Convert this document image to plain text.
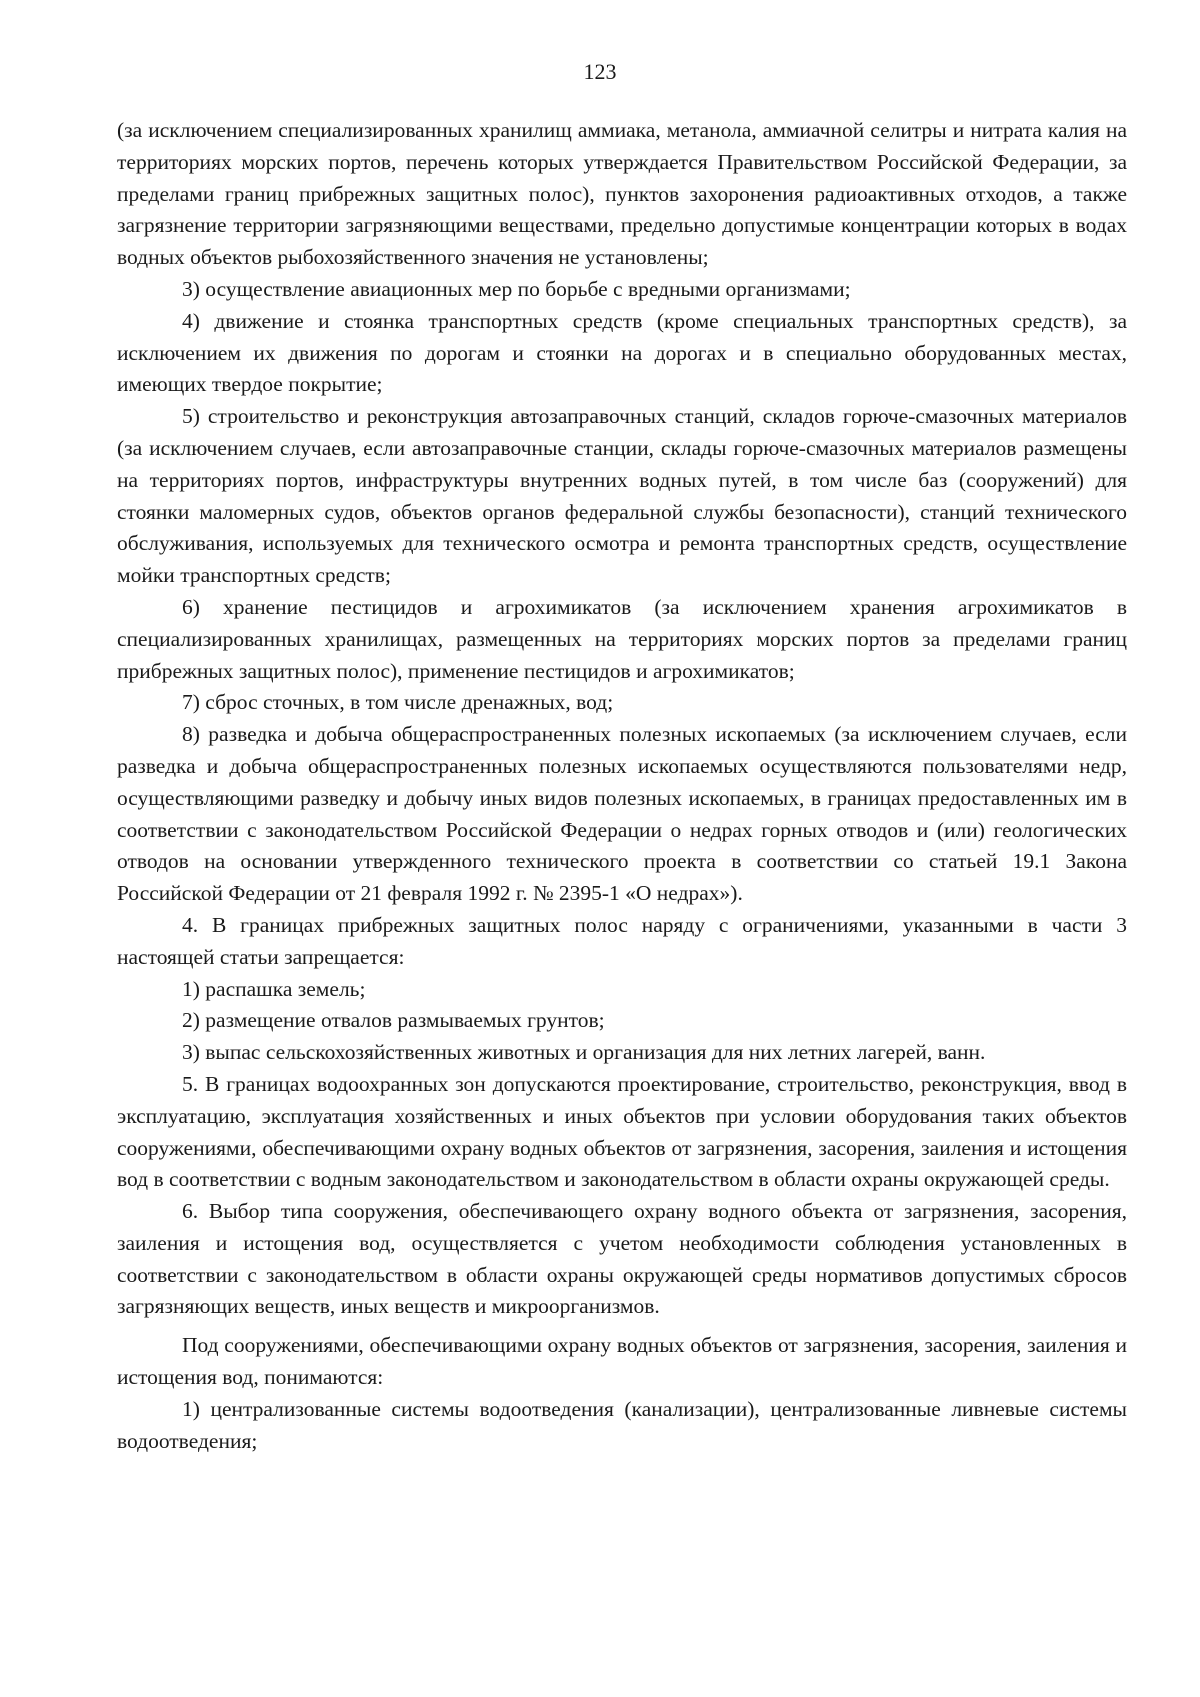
123

(за исключением специализированных хранилищ аммиака, метанола, аммиачной селитры и нитрата калия на территориях морских портов, перечень которых утверждается Правительством Российской Федерации, за пределами границ прибрежных защитных полос), пунктов захоронения радиоактивных отходов, а также загрязнение территории загрязняющими веществами, предельно допустимые концентрации которых в водах водных объектов рыбохозяйственного значения не установлены;

3) осуществление авиационных мер по борьбе с вредными организмами;

4) движение и стоянка транспортных средств (кроме специальных транспортных средств), за исключением их движения по дорогам и стоянки на дорогах и в специально оборудованных местах, имеющих твердое покрытие;

5) строительство и реконструкция автозаправочных станций, складов горюче-смазочных материалов (за исключением случаев, если автозаправочные станции, склады горюче-смазочных материалов размещены на территориях портов, инфраструктуры внутренних водных путей, в том числе баз (сооружений) для стоянки маломерных судов, объектов органов федеральной службы безопасности), станций технического обслуживания, используемых для технического осмотра и ремонта транспортных средств, осуществление мойки транспортных средств;

6) хранение пестицидов и агрохимикатов (за исключением хранения агрохимикатов в специализированных хранилищах, размещенных на территориях морских портов за пределами границ прибрежных защитных полос), применение пестицидов и агрохимикатов;

7) сброс сточных, в том числе дренажных, вод;

8) разведка и добыча общераспространенных полезных ископаемых (за исключением случаев, если разведка и добыча общераспространенных полезных ископаемых осуществляются пользователями недр, осуществляющими разведку и добычу иных видов полезных ископаемых, в границах предоставленных им в соответствии с законодательством Российской Федерации о недрах горных отводов и (или) геологических отводов на основании утвержденного технического проекта в соответствии со статьей 19.1 Закона Российской Федерации от 21 февраля 1992 г. № 2395-1 «О недрах»).

4. В границах прибрежных защитных полос наряду с ограничениями, указанными в части 3 настоящей статьи запрещается:

1) распашка земель;

2) размещение отвалов размываемых грунтов;

3) выпас сельскохозяйственных животных и организация для них летних лагерей, ванн.

5. В границах водоохранных зон допускаются проектирование, строительство, реконструкция, ввод в эксплуатацию, эксплуатация хозяйственных и иных объектов при условии оборудования таких объектов сооружениями, обеспечивающими охрану водных объектов от загрязнения, засорения, заиления и истощения вод в соответствии с водным законодательством и законодательством в области охраны окружающей среды.

6. Выбор типа сооружения, обеспечивающего охрану водного объекта от загрязнения, засорения, заиления и истощения вод, осуществляется с учетом необходимости соблюдения установленных в соответствии с законодательством в области охраны окружающей среды нормативов допустимых сбросов загрязняющих веществ, иных веществ и микроорганизмов.

Под сооружениями, обеспечивающими охрану водных объектов от загрязнения, засорения, заиления и истощения вод, понимаются:

1) централизованные системы водоотведения (канализации), централизованные ливневые системы водоотведения;
